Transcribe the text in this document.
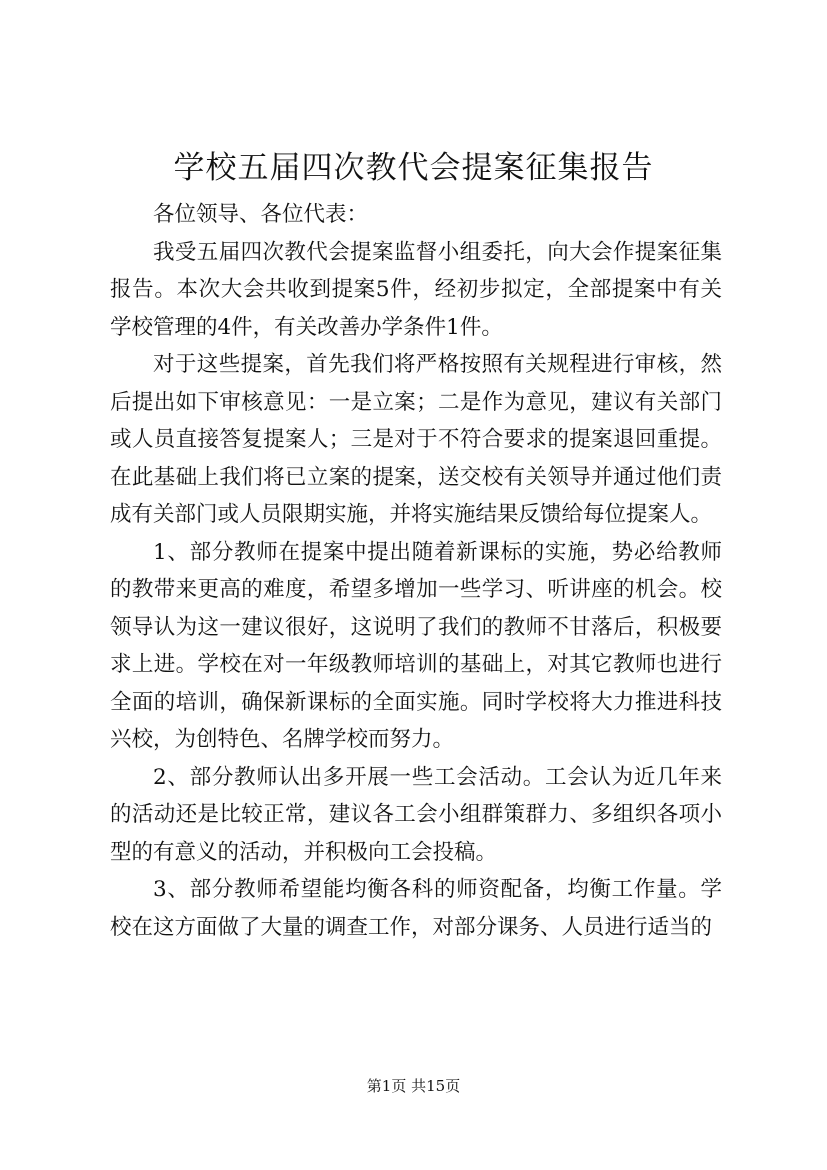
学校五届四次教代会提案征集报告

各位领导、各位代表：

我受五届四次教代会提案监督小组委托，向大会作提案征集报告。本次大会共收到提案5件，经初步拟定，全部提案中有关学校管理的4件，有关改善办学条件1件。

对于这些提案，首先我们将严格按照有关规程进行审核，然后提出如下审核意见：一是立案；二是作为意见，建议有关部门或人员直接答复提案人；三是对于不符合要求的提案退回重提。在此基础上我们将已立案的提案，送交校有关领导并通过他们责成有关部门或人员限期实施，并将实施结果反馈给每位提案人。

1、部分教师在提案中提出随着新课标的实施，势必给教师的教带来更高的难度，希望多增加一些学习、听讲座的机会。校领导认为这一建议很好，这说明了我们的教师不甘落后，积极要求上进。学校在对一年级教师培训的基础上，对其它教师也进行全面的培训，确保新课标的全面实施。同时学校将大力推进科技兴校，为创特色、名牌学校而努力。

2、部分教师认出多开展一些工会活动。工会认为近几年来的活动还是比较正常，建议各工会小组群策群力、多组织各项小型的有意义的活动，并积极向工会投稿。

3、部分教师希望能均衡各科的师资配备，均衡工作量。学校在这方面做了大量的调查工作，对部分课务、人员进行适当的

第1页 共15页
